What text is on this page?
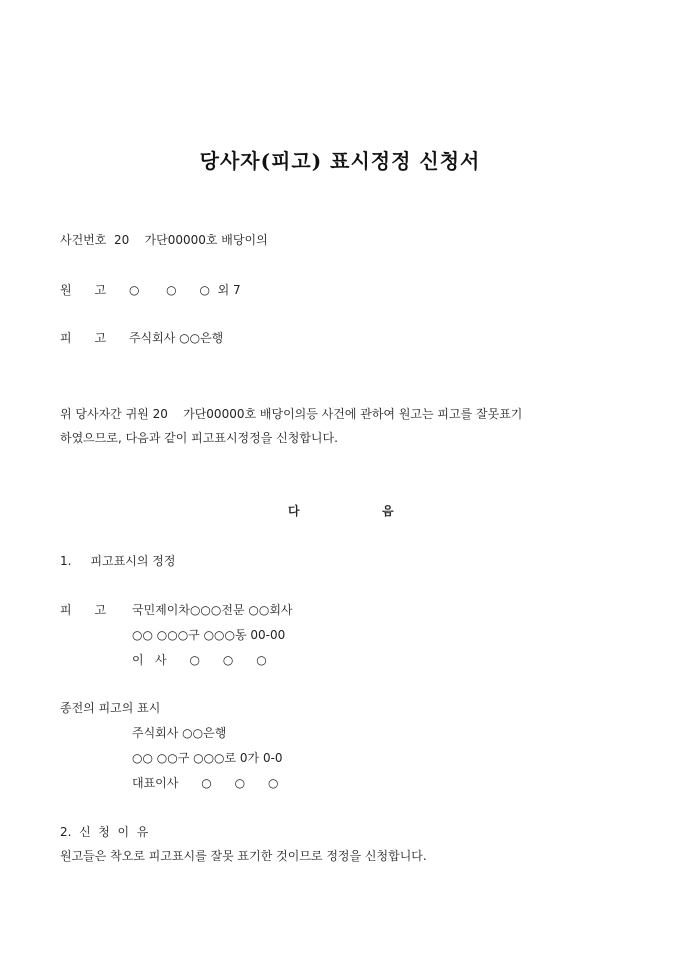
당사자(피고) 표시정정 신청서
사건번호  20    가단00000호 배당이의
원      고      ○       ○      ○  외 7
피      고      주식회사 ○○은행
위 당사자간 귀원 20    가단00000호 배당이의등 사건에 관하여 원고는 피고를 잘못표기
하였으므로, 다음과 같이 피고표시정정을 신청합니다.
다	음
1.     피고표시의 정정
피      고 국민제이차○○○전문 ○○회사
○○ ○○○구 ○○○동 00-00
이   사      ○      ○      ○
종전의 피고의 표시
주식회사 ○○은행
○○ ○○구 ○○○로 0가 0-0
대표이사      ○      ○      ○
2.  신  청  이  유
원고들은 착오로 피고표시를 잘못 표기한 것이므로 정정을 신청합니다.
